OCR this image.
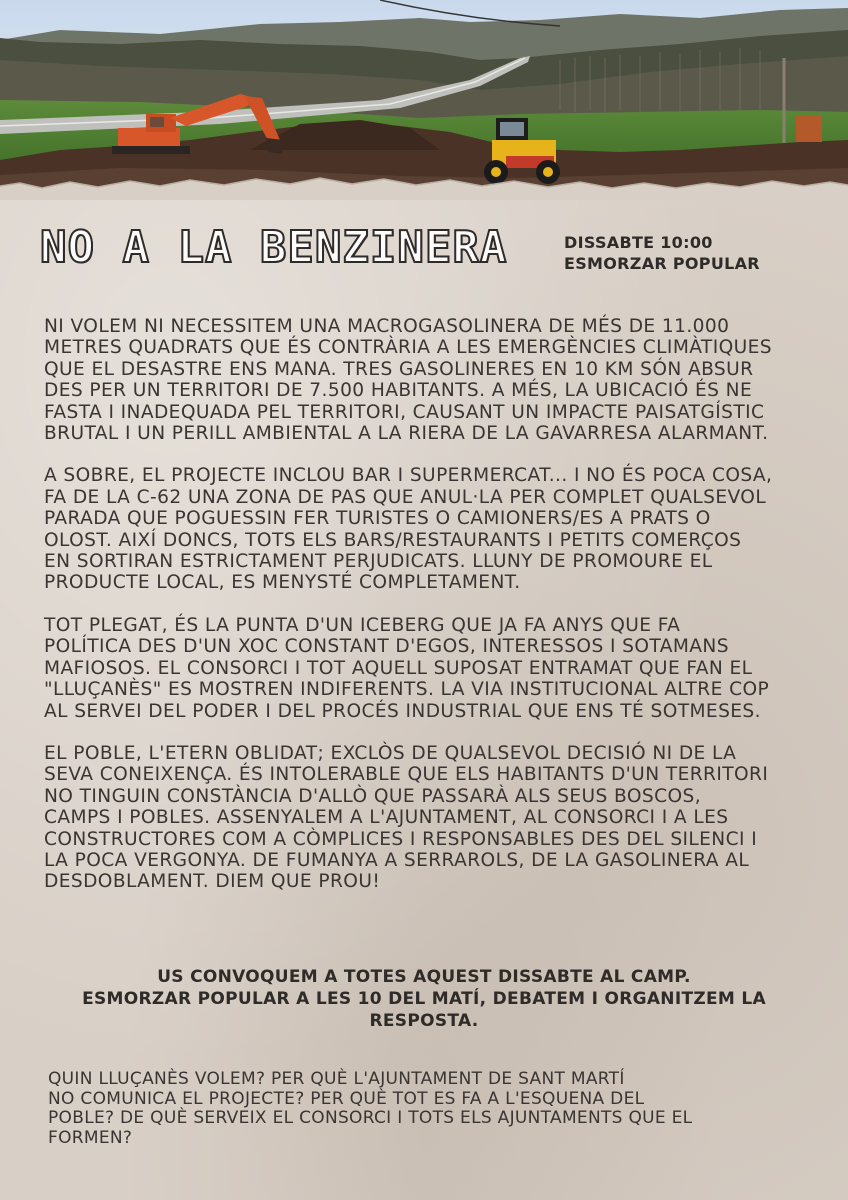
NO A LA BENZINERA	DISSABTE 10:00
ESMORZAR POPULAR

NI VOLEM NI NECESSITEM UNA MACROGASOLINERA DE MÉS DE 11.000
METRES QUADRATS QUE ÉS CONTRÀRIA A LES EMERGÈNCIES CLIMÀTIQUES
QUE EL DESASTRE ENS MANA. TRES GASOLINERES EN 10 KM SÓN ABSUR
DES PER UN TERRITORI DE 7.500 HABITANTS. A MÉS, LA UBICACIÓ ÉS NE
FASTA I INADEQUADA PEL TERRITORI, CAUSANT UN IMPACTE PAISATGÍSTIC
BRUTAL I UN PERILL AMBIENTAL A LA RIERA DE LA GAVARRESA ALARMANT.

A SOBRE, EL PROJECTE INCLOU BAR I SUPERMERCAT... I NO ÉS POCA COSA,
FA DE LA C-62 UNA ZONA DE PAS QUE ANUL·LA PER COMPLET QUALSEVOL
PARADA QUE POGUESSIN FER TURISTES O CAMIONERS/ES A PRATS O
OLOST. AIXÍ DONCS, TOTS ELS BARS/RESTAURANTS I PETITS COMERÇOS
EN SORTIRAN ESTRICTAMENT PERJUDICATS. LLUNY DE PROMOURE EL
PRODUCTE LOCAL, ES MENYSTÉ COMPLETAMENT.

TOT PLEGAT, ÉS LA PUNTA D'UN ICEBERG QUE JA FA ANYS QUE FA
POLÍTICA DES D'UN XOC CONSTANT D'EGOS, INTERESSOS I SOTAMANS
MAFIOSOS. EL CONSORCI I TOT AQUELL SUPOSAT ENTRAMAT QUE FAN EL
"LLUÇANÈS" ES MOSTREN INDIFERENTS. LA VIA INSTITUCIONAL ALTRE COP
AL SERVEI DEL PODER I DEL PROCÉS INDUSTRIAL QUE ENS TÉ SOTMESES.

EL POBLE, L'ETERN OBLIDAT; EXCLÒS DE QUALSEVOL DECISIÓ NI DE LA
SEVA CONEIXENÇA. ÉS INTOLERABLE QUE ELS HABITANTS D'UN TERRITORI
NO TINGUIN CONSTÀNCIA D'ALLÒ QUE PASSARÀ ALS SEUS BOSCOS,
CAMPS I POBLES. ASSENYALEM A L'AJUNTAMENT, AL CONSORCI I A LES
CONSTRUCTORES COM A CÒMPLICES I RESPONSABLES DES DEL SILENCI I
LA POCA VERGONYA. DE FUMANYA A SERRAROLS, DE LA GASOLINERA AL
DESDOBLAMENT. DIEM QUE PROU!

US CONVOQUEM A TOTES AQUEST DISSABTE AL CAMP.
ESMORZAR POPULAR A LES 10 DEL MATÍ, DEBATEM I ORGANITZEM LA
RESPOSTA.
QUIN LLUÇANÈS VOLEM? PER QUÈ L'AJUNTAMENT DE SANT MARTÍ
NO COMUNICA EL PROJECTE? PER QUÈ TOT ES FA A L'ESQUENA DEL
POBLE? DE QUÈ SERVEIX EL CONSORCI I TOTS ELS AJUNTAMENTS QUE EL
FORMEN?
